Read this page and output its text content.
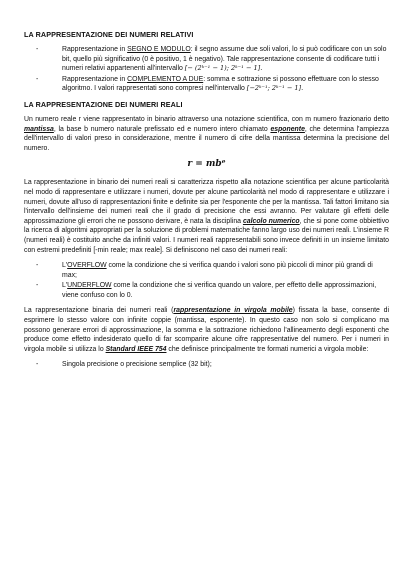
LA RAPPRESENTAZIONE DEI NUMERI RELATIVI
-	Rappresentazione in SEGNO E MODULO: il segno assume due soli valori, lo si può codificare con un solo bit, quello più significativo (0 è positivo, 1 è negativo). Tale rappresentazione consente di codificare tutti i numeri relativi appartenenti all'intervallo [− (2ᵏ⁻¹ − 1); 2ᵏ⁻¹ − 1].
-	Rappresentazione in COMPLEMENTO A DUE: somma e sottrazione si possono effettuare con lo stesso algoritmo. I valori rappresentati sono compresi nell'intervallo [−2ᵏ⁻¹; 2ᵏ⁻¹ − 1].
LA RAPPRESENTAZIONE DEI NUMERI REALI

Un numero reale r viene rappresentato in binario attraverso una notazione scientifica, con m numero frazionario detto mantissa, la base b numero naturale prefissato ed e numero intero chiamato esponente, che determina l'ampiezza dell'intervallo di valori preso in considerazione, mentre il numero di cifre della mantissa determina la precisione del numero.

r = mbᵉ

La rappresentazione in binario dei numeri reali si caratterizza rispetto alla notazione scientifica per alcune particolarità nel modo di rappresentare e utilizzare i numeri, dovute per alcune particolarità nel modo di rappresentare e utilizzare i numeri, dovute all'uso di rappresentazioni finite e definite sia per l'esponente che per la mantissa. Tali fattori limitano sia l'intervallo dell'insieme dei numeri reali che il grado di precisione che essi avranno. Per valutare gli effetti delle approssimazione gli errori che ne possono derivare, è nata la disciplina calcolo numerico, che si pone come obbiettivo la ricerca di algoritmi appropriati per la soluzione di problemi matematiche fanno largo uso dei numeri reali. L'insieme R (numeri reali) è costituito anche da infiniti valori. I numeri reali rappresentabili sono invece definiti in un insieme limitato con estremi predefiniti [-min reale; max reale]. Si definiscono nel caso dei numeri reali:

-	L'OVERFLOW come la condizione che si verifica quando i valori sono più piccoli di minor più grandi di max;
-	L'UNDERFLOW come la condizione che si verifica quando un valore, per effetto delle approssimazioni, viene confuso con lo 0.

La rappresentazione binaria dei numeri reali (rappresentazione in virgola mobile) fissata la base, consente di esprimere lo stesso valore con infinite coppie (mantissa, esponente). In questo caso non solo si complicano ma possono generare errori di approssimazione, la somma e la sottrazione richiedono l'allineamento degli esponenti che produce come effetto indesiderato quello di far scomparire alcune cifre rappresentative del numero. Per i numeri in virgola mobile si utilizza lo Standard IEEE 754 che definisce principalmente tre formati numerici a virgola mobile:

-	Singola precisione o precisione semplice (32 bit);
